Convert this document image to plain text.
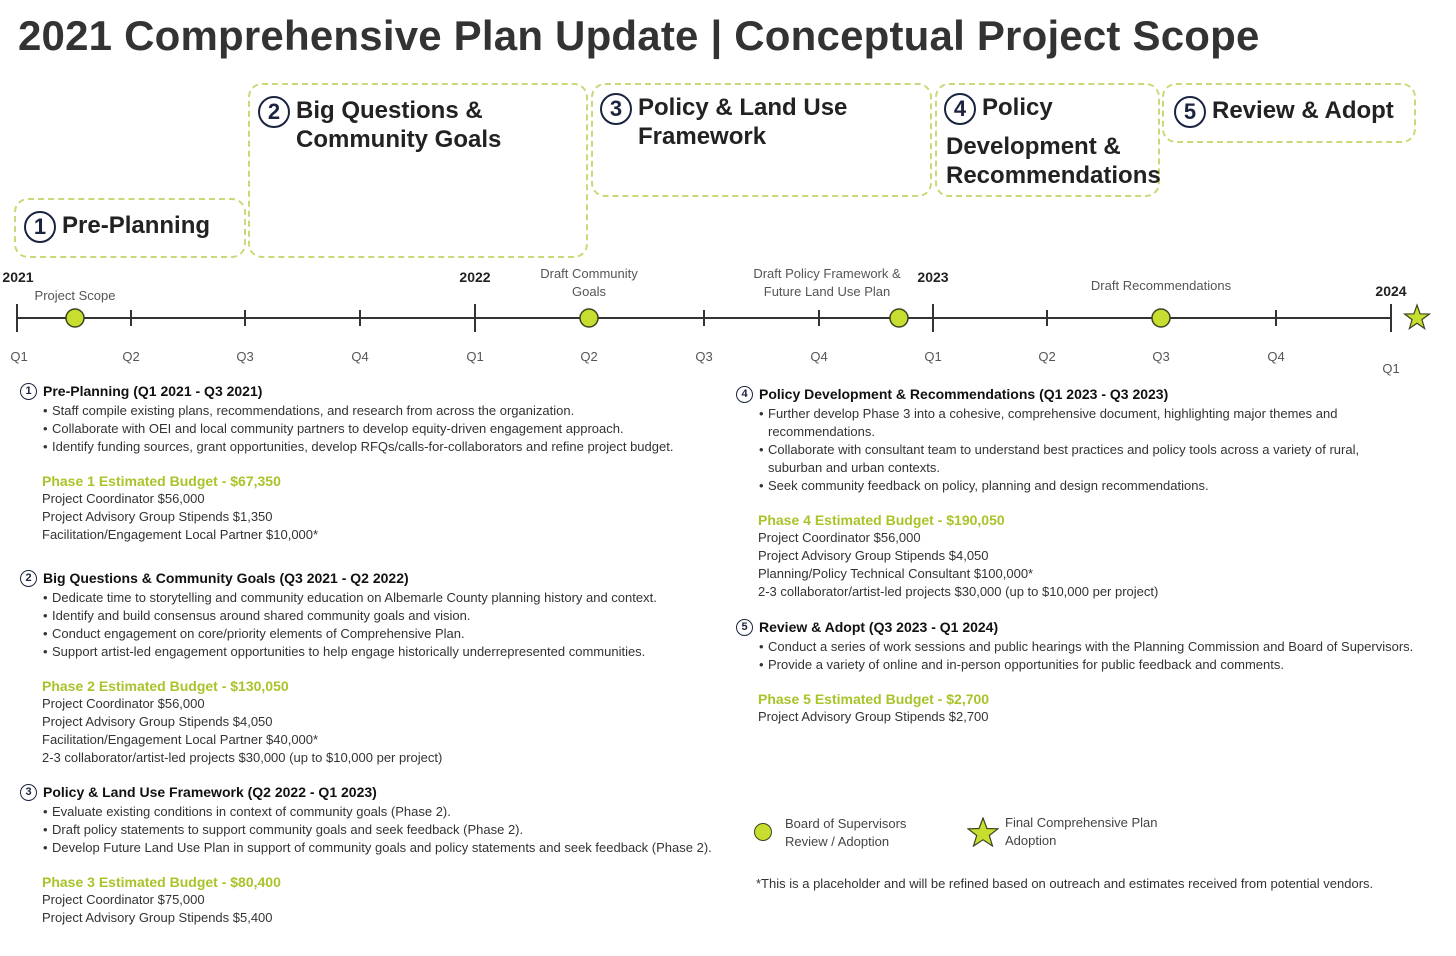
2021 Comprehensive Plan Update | Conceptual Project Scope
1 Pre-Planning
2 Big Questions &
Community Goals
3 Policy & Land Use
Framework
4 Policy
Development &
Recommendations
5 Review & Adopt
Q1	Q2	Q3	Q4	Q1	Q2	Q3	Q4	Q1	Q2	Q3	Q4
Q1
2021	2022	2023
2024
Project Scope
Draft Community
Goals
Draft Policy Framework &
Future Land Use Plan	Draft Recommendations
1 Pre-Planning (Q1 2021 - Q3 2021)
• Staff compile existing plans, recommendations, and research from across the organization.
• Collaborate with OEI and local community partners to develop equity-driven engagement approach.
• Identify funding sources, grant opportunities, develop RFQs/calls-for-collaborators and refine project budget.
Phase 1 Estimated Budget - $67,350
Project Coordinator $56,000
Project Advisory Group Stipends $1,350
Facilitation/Engagement Local Partner $10,000*
2 Big Questions & Community Goals (Q3 2021 - Q2 2022)
• Dedicate time to storytelling and community education on Albemarle County planning history and context.
• Identify and build consensus around shared community goals and vision.
• Conduct engagement on core/priority elements of Comprehensive Plan.
• Support artist-led engagement opportunities to help engage historically underrepresented communities.
Phase 2 Estimated Budget - $130,050
Project Coordinator $56,000
Project Advisory Group Stipends $4,050
Facilitation/Engagement Local Partner $40,000*
2-3 collaborator/artist-led projects $30,000 (up to $10,000 per project)
3 Policy & Land Use Framework (Q2 2022 - Q1 2023)
• Evaluate existing conditions in context of community goals (Phase 2).
• Draft policy statements to support community goals and seek feedback (Phase 2).
• Develop Future Land Use Plan in support of community goals and policy statements and seek feedback (Phase 2).
Phase 3 Estimated Budget - $80,400
Project Coordinator $75,000
Project Advisory Group Stipends $5,400
4 Policy Development & Recommendations (Q1 2023 - Q3 2023)
• Further develop Phase 3 into a cohesive, comprehensive document, highlighting major themes and recommendations.
• Collaborate with consultant team to understand best practices and policy tools across a variety of rural, suburban and urban contexts.
• Seek community feedback on policy, planning and design recommendations.
Phase 4 Estimated Budget - $190,050
Project Coordinator $56,000
Project Advisory Group Stipends $4,050
Planning/Policy Technical Consultant $100,000*
2-3 collaborator/artist-led projects $30,000 (up to $10,000 per project)
5 Review & Adopt (Q3 2023 - Q1 2024)
• Conduct a series of work sessions and public hearings with the Planning Commission and Board of Supervisors.
• Provide a variety of online and in-person opportunities for public feedback and comments.
Phase 5 Estimated Budget - $2,700
Project Advisory Group Stipends $2,700
Board of Supervisors
Review / Adoption
Final Comprehensive Plan
Adoption
*This is a placeholder and will be refined based on outreach and estimates received from potential vendors.
